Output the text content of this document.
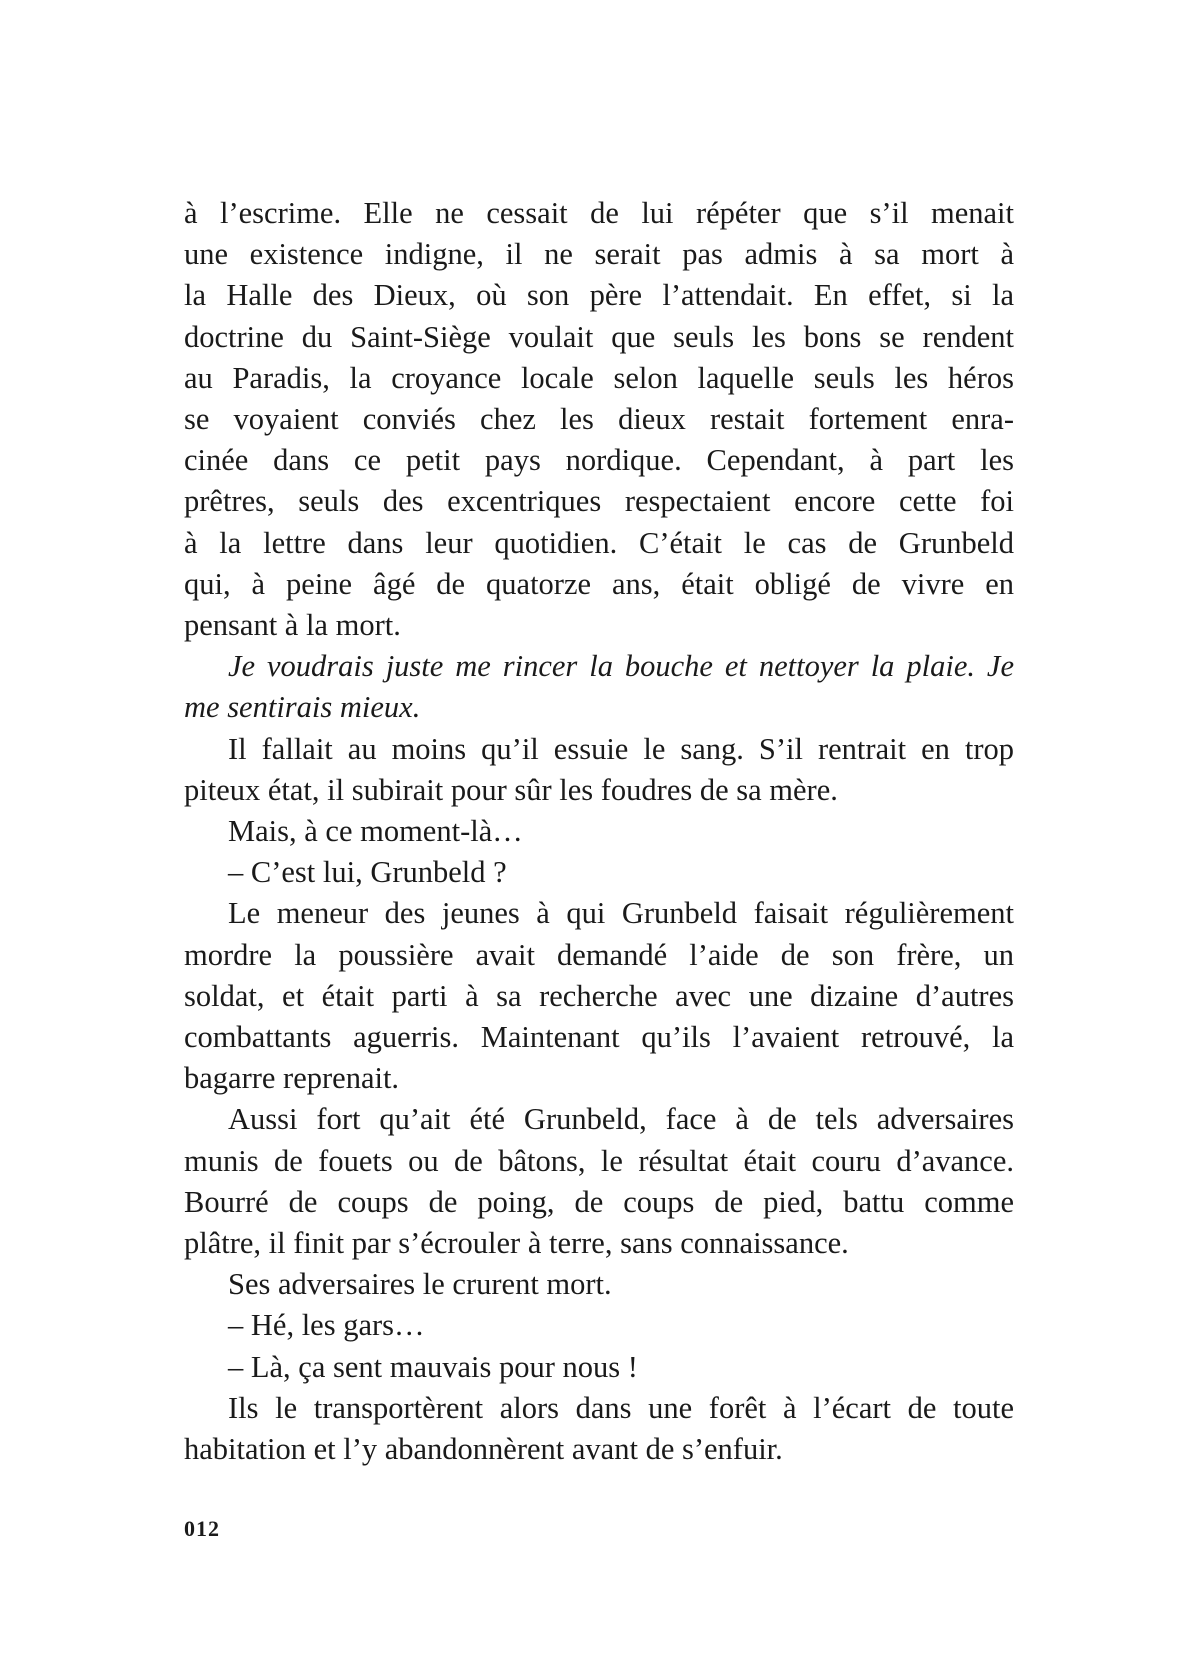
à l’escrime. Elle ne cessait de lui répéter que s’il menait
une existence indigne, il ne serait pas admis à sa mort à
la Halle des Dieux, où son père l’attendait. En effet, si la
doctrine du Saint-Siège voulait que seuls les bons se rendent
au Paradis, la croyance locale selon laquelle seuls les héros
se voyaient conviés chez les dieux restait fortement enra-
cinée dans ce petit pays nordique. Cependant, à part les
prêtres, seuls des excentriques respectaient encore cette foi
à la lettre dans leur quotidien. C’était le cas de Grunbeld
qui, à peine âgé de quatorze ans, était obligé de vivre en
pensant à la mort.
Je voudrais juste me rincer la bouche et nettoyer la plaie. Je
me sentirais mieux.
Il fallait au moins qu’il essuie le sang. S’il rentrait en trop
piteux état, il subirait pour sûr les foudres de sa mère.
Mais, à ce moment-là…
– C’est lui, Grunbeld ?
Le meneur des jeunes à qui Grunbeld faisait régulièrement
mordre la poussière avait demandé l’aide de son frère, un
soldat, et était parti à sa recherche avec une dizaine d’autres
combattants aguerris. Maintenant qu’ils l’avaient retrouvé, la
bagarre reprenait.
Aussi fort qu’ait été Grunbeld, face à de tels adversaires
munis de fouets ou de bâtons, le résultat était couru d’avance.
Bourré de coups de poing, de coups de pied, battu comme
plâtre, il finit par s’écrouler à terre, sans connaissance.
Ses adversaires le crurent mort.
– Hé, les gars…
– Là, ça sent mauvais pour nous !
Ils le transportèrent alors dans une forêt à l’écart de toute
habitation et l’y abandonnèrent avant de s’enfuir.
012
